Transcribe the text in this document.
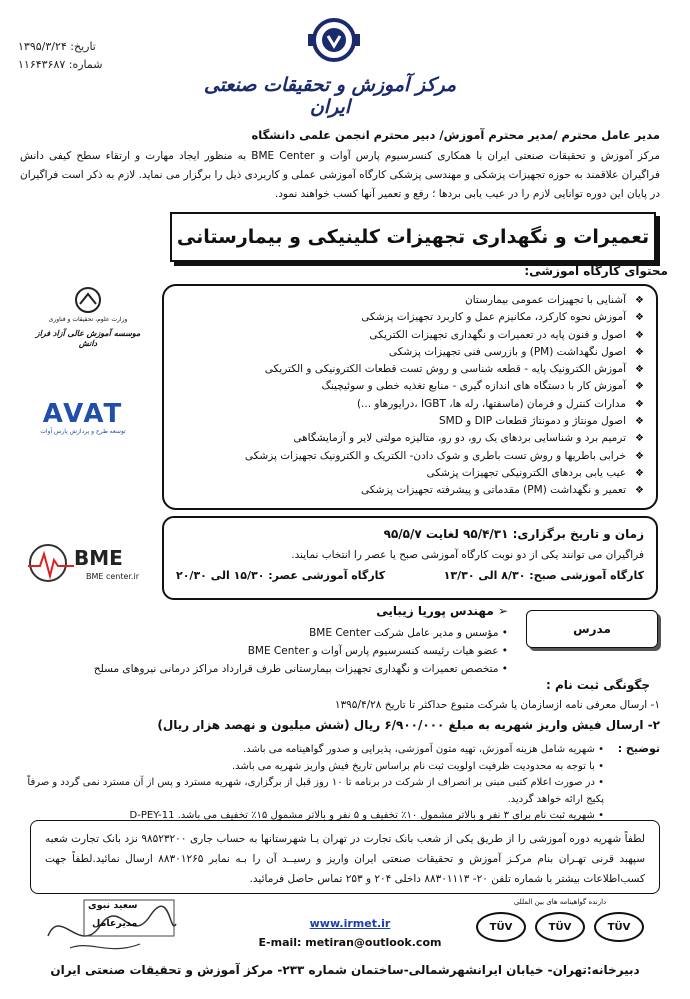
تاریخ: ۱۳۹۵/۳/۲۴
شماره: ۱۱۶۴۳۶۸۷
مرکز آموزش و تحقیقات صنعتی ایران
مدیر عامل محترم /مدیر محترم آموزش/ دبیر محترم انجمن علمی دانشگاه
مرکز آموزش و تحقیقات صنعتی ایران با همکاری کنسرسیوم پارس آوات و BME Center به منظور ایجاد مهارت و ارتقاء سطح کیفی دانش فراگیران علاقمند به حوزه تجهیزات پزشکی و مهندسی پزشکی کارگاه آموزشی عملی و کاربردی ذیل را برگزار می نماید. لازم به ذکر است فراگیران در پایان این دوره توانایی لازم را در عیب یابی بردها ؛ رفع و تعمیر آنها کسب خواهند نمود.
تعمیرات و نگهداری تجهیزات کلینیکی و بیمارستانی
محتوای کارگاه آموزشی:
❖آشنایی با تجهیزات عمومی بیمارستان
❖آموزش نحوه کارکرد، مکانیزم عمل و کاربرد تجهیزات پزشکی
❖اصول و فنون پایه در تعمیرات و نگهداری تجهیزات الکتریکی
❖اصول نگهداشت (PM) و بازرسی فنی تجهیزات پزشکی
❖آموزش الکترونیک پایه - قطعه شناسی و روش تست قطعات الکترونیکی و الکتریکی
❖آموزش کار با دستگاه های اندازه گیری - منابع تغذیه خطی و سوئیچینگ
❖مدارات کنترل و فرمان (ماسفتها، رله ها، IGBT ،درایورهاو ...)
❖اصول مونتاژ و دمونتاژ قطعات DIP و SMD
❖ترمیم برد و شناسایی بردهای یک رو، دو رو، متالیزه مولتی لایر و آزمایشگاهی
❖خرابی باطریها و روش تست باطری و شوک دادن- الکتریک و الکترونیک تجهیزات پزشکی
❖عیب یابی بردهای الکترونیکی تجهیزات پزشکی
❖تعمیر و نگهداشت (PM) مقدماتی و پیشرفته تجهیزات پزشکی
وزارت علوم، تحقیقات و فناوری
موسسه آموزش عالی آزاد فراز دانش
AVAT
توسعه طرح و پردازش پارس آوات
BME
BME center.ir
زمان و تاریخ برگزاری: ۹۵/۴/۳۱ لغایت ۹۵/۵/۷
فراگیران می توانند یکی از دو نوبت کارگاه آموزشی صبح یا عصر را انتخاب نمایند.
کارگاه آموزشی صبح: ۸/۳۰ الی ۱۳/۳۰
کارگاه آموزشی عصر: ۱۵/۳۰ الی ۲۰/۳۰
مدرس
➢ مهندس پوریا زیبایی
• مؤسس و مدیر عامل شرکت BME Center
• عضو هیات رئیسه کنسرسیوم پارس آوات و BME Center
• متخصص تعمیرات و نگهداری تجهیزات بیمارستانی طرف قرارداد مراکز درمانی نیروهای مسلح
چگونگی ثبت نام :
۱- ارسال معرفی نامه ازسازمان یا شرکت متبوع حداکثر تا تاریخ ۱۳۹۵/۴/۲۸
۲- ارسال فیش واریز شهریه به مبلغ ۶/۹۰۰/۰۰۰ ریال (شش میلیون و نهصد هزار ریال)
توضیح :
• شهریه شامل هزینه آموزش، تهیه متون آموزشی، پذیرایی و صدور گواهینامه می باشد.
• با توجه به محدودیت ظرفیت اولویت ثبت نام براساس تاریخ فیش واریز شهریه می باشد.
• در صورت اعلام کتبی مبنی بر انصراف از شرکت در برنامه تا ۱۰ روز قبل از برگزاری، شهریه مسترد و پس از آن مسترد نمی گردد و صرفاً پکیج ارائه خواهد گردید.
• شهریه ثبت نام برای ۳ نفر و بالاتر مشمول ۱۰٪ تخفیف و ۵ نفر و بالاتر مشمول ۱۵٪ تخفیف می باشد. D-PEY-11
لطفاً شهریه دوره آموزشی را از طریق یکی از شعب بانک تجارت در تهران یـا شهرستانها به حساب جاری ۹۸۵۲۳۲۰۰ نزد بانک تجارت شعبه سپهبد قرنی تهـران بنام مرکـز آموزش و تحقیقات صنعتی ایران واریز و رسیــد آن را بـه نمابر ۸۸۳۰۱۲۶۵ ارسال نمائید.لطفاً جهت کسب‌اطلاعات بیشتر با شماره تلفن ۲۰- ۸۸۳۰۱۱۱۳ داخلی ۲۰۴ و ۲۵۳ تماس حاصل فرمائید.
سعید نبوی
مدیرعامل	www.irmet.ir
E-mail: metiran@outlook.com
دارنده گواهینامه های بین المللی
TÜV	TÜV	TÜV
دبیرخانه:تهران- خیابان ایرانشهرشمالی-ساختمان شماره ۲۳۳- مرکز آموزش و تحقیقات صنعتی ایران
